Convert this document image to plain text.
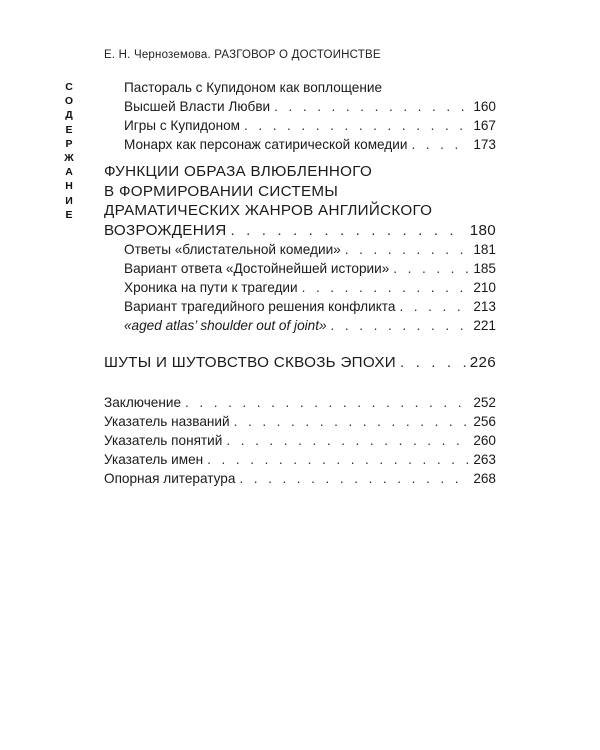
Е. Н. Черноземова. РАЗГОВОР О ДОСТОИНСТВЕ
С
О
Д
Е
Р
Ж
А
Н
И
Е
Пастораль с Купидоном как воплощение
Высшей Власти Любви . . .	160
Игры с Купидоном . . .	167
Монарх как персонаж сатирической комедии . . .	173
ФУНКЦИИ ОБРАЗА ВЛЮБЛЕННОГО
В ФОРМИРОВАНИИ СИСТЕМЫ
ДРАМАТИЧЕСКИХ ЖАНРОВ АНГЛИЙСКОГО
ВОЗРОЖДЕНИЯ . . .	180
Ответы «блистательной комедии» . . .	181
Вариант ответа «Достойнейшей истории» . . .	185
Хроника на пути к трагедии . . .	210
Вариант трагедийного решения конфликта . . .	213
«aged atlas’ shoulder out of joint» . . .	221
ШУТЫ И ШУТОВСТВО СКВОЗЬ ЭПОХИ . . .	226
Заключение . . .	252
Указатель названий . . .	256
Указатель понятий . . .	260
Указатель имен . . .	263
Опорная литература . . .	268
